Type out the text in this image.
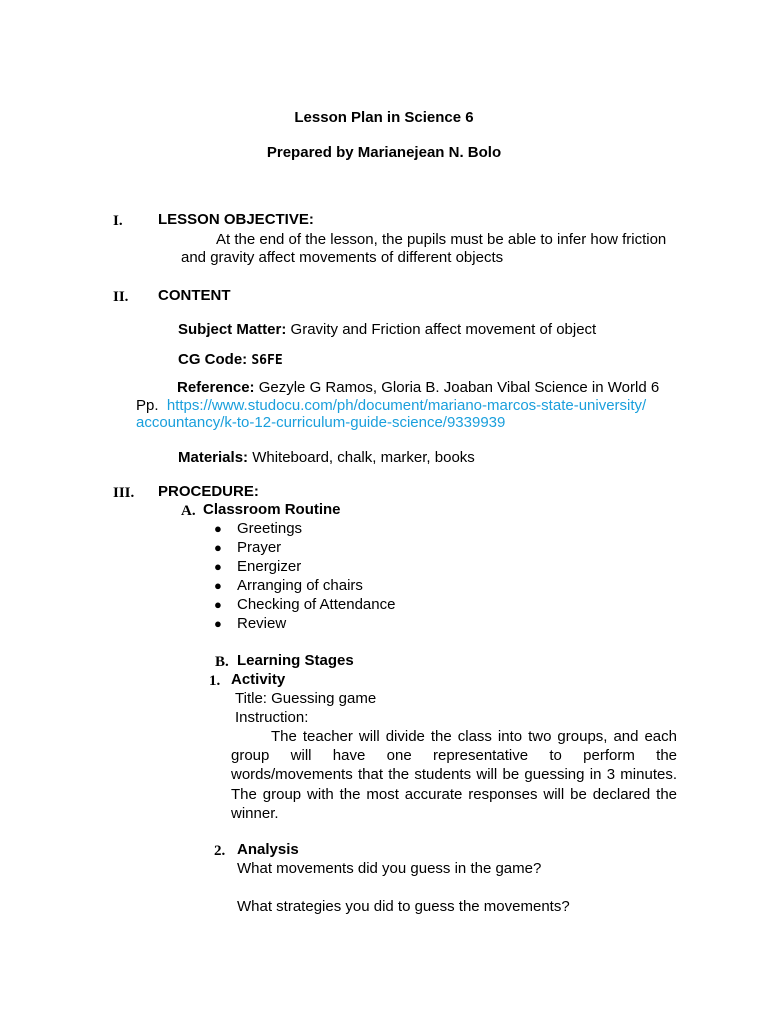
Lesson Plan in Science 6
Prepared by Marianejean N. Bolo
I. LESSON OBJECTIVE:
At the end of the lesson, the pupils must be able to infer how friction
and gravity affect movements of different objects
II. CONTENT
Subject Matter: Gravity and Friction affect movement of object
CG Code: S6FE
Reference: Gezyle G Ramos, Gloria B. Joaban Vibal Science in World 6
Pp. https://www.studocu.com/ph/document/mariano-marcos-state-university/
accountancy/k-to-12-curriculum-guide-science/9339939
Materials: Whiteboard, chalk, marker, books
III. PROCEDURE:
A. Classroom Routine
● Greetings
● Prayer
● Energizer
● Arranging of chairs
● Checking of Attendance
● Review
B. Learning Stages
1. Activity
Title: Guessing game
Instruction:
The teacher will divide the class into two groups, and each group will have one representative to perform the words/movements that the students will be guessing in 3 minutes. The group with the most accurate responses will be declared the winner.
2. Analysis
What movements did you guess in the game?
What strategies you did to guess the movements?
